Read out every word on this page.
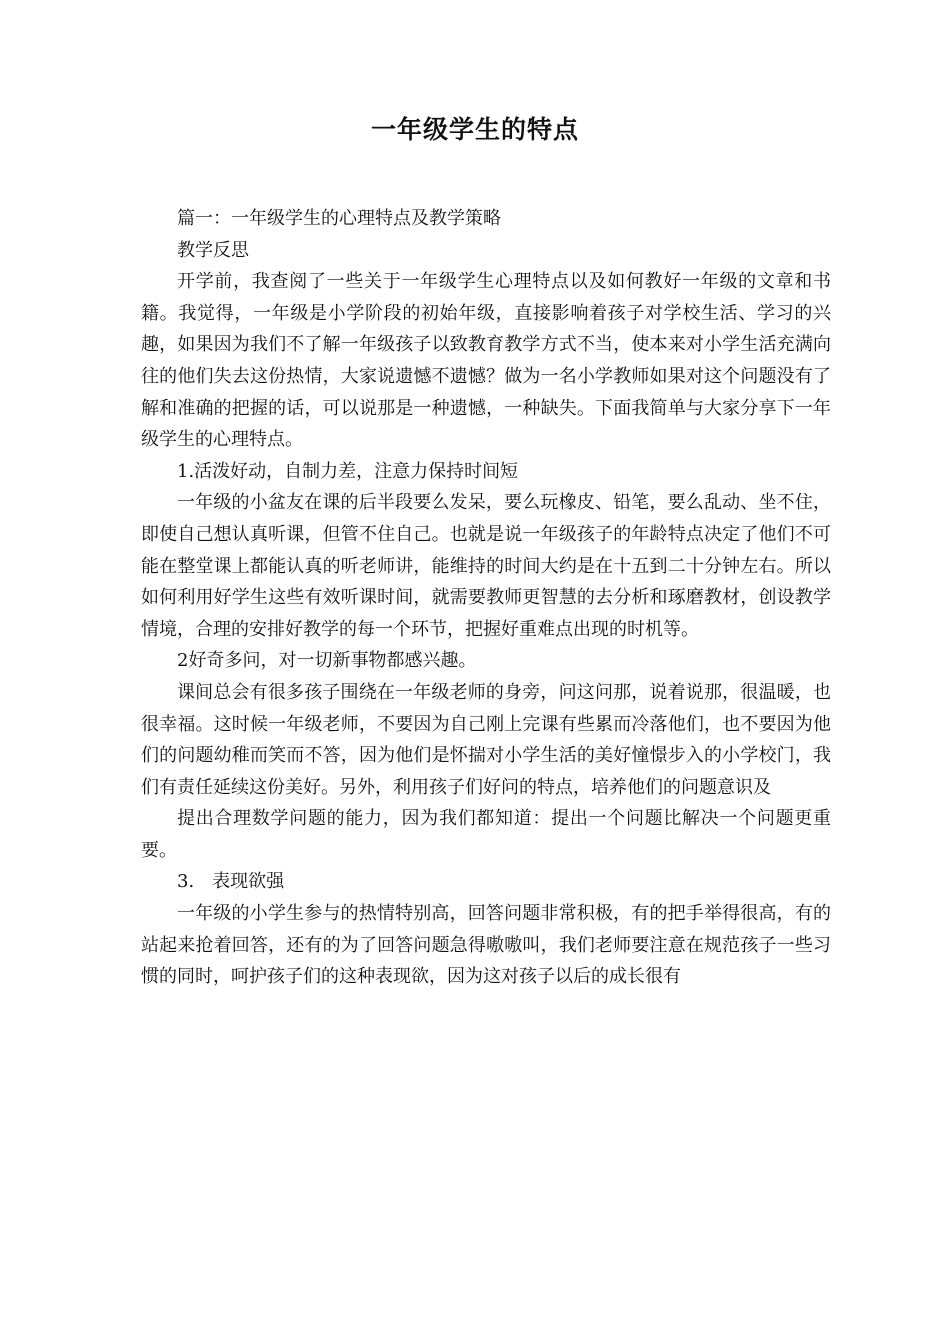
一年级学生的特点

篇一：一年级学生的心理特点及教学策略

教学反思

开学前，我查阅了一些关于一年级学生心理特点以及如何教好一年级的文章和书籍。我觉得，一年级是小学阶段的初始年级，直接影响着孩子对学校生活、学习的兴趣，如果因为我们不了解一年级孩子以致教育教学方式不当，使本来对小学生活充满向往的他们失去这份热情，大家说遗憾不遗憾？做为一名小学教师如果对这个问题没有了解和准确的把握的话，可以说那是一种遗憾，一种缺失。下面我简单与大家分享下一年级学生的心理特点。

1.活泼好动，自制力差，注意力保持时间短

一年级的小盆友在课的后半段要么发呆，要么玩橡皮、铅笔，要么乱动、坐不住，即使自己想认真听课，但管不住自己。也就是说一年级孩子的年龄特点决定了他们不可能在整堂课上都能认真的听老师讲，能维持的时间大约是在十五到二十分钟左右。所以如何利用好学生这些有效听课时间，就需要教师更智慧的去分析和琢磨教材，创设教学情境，合理的安排好教学的每一个环节，把握好重难点出现的时机等。

2好奇多问，对一切新事物都感兴趣。

课间总会有很多孩子围绕在一年级老师的身旁，问这问那，说着说那，很温暖，也很幸福。这时候一年级老师，不要因为自己刚上完课有些累而冷落他们，也不要因为他们的问题幼稚而笑而不答，因为他们是怀揣对小学生活的美好憧憬步入的小学校门，我们有责任延续这份美好。另外，利用孩子们好问的特点，培养他们的问题意识及

提出合理数学问题的能力，因为我们都知道：提出一个问题比解决一个问题更重要。

3.　表现欲强

一年级的小学生参与的热情特别高，回答问题非常积极，有的把手举得很高，有的站起来抢着回答，还有的为了回答问题急得嗷嗷叫，我们老师要注意在规范孩子一些习惯的同时，呵护孩子们的这种表现欲，因为这对孩子以后的成长很有
